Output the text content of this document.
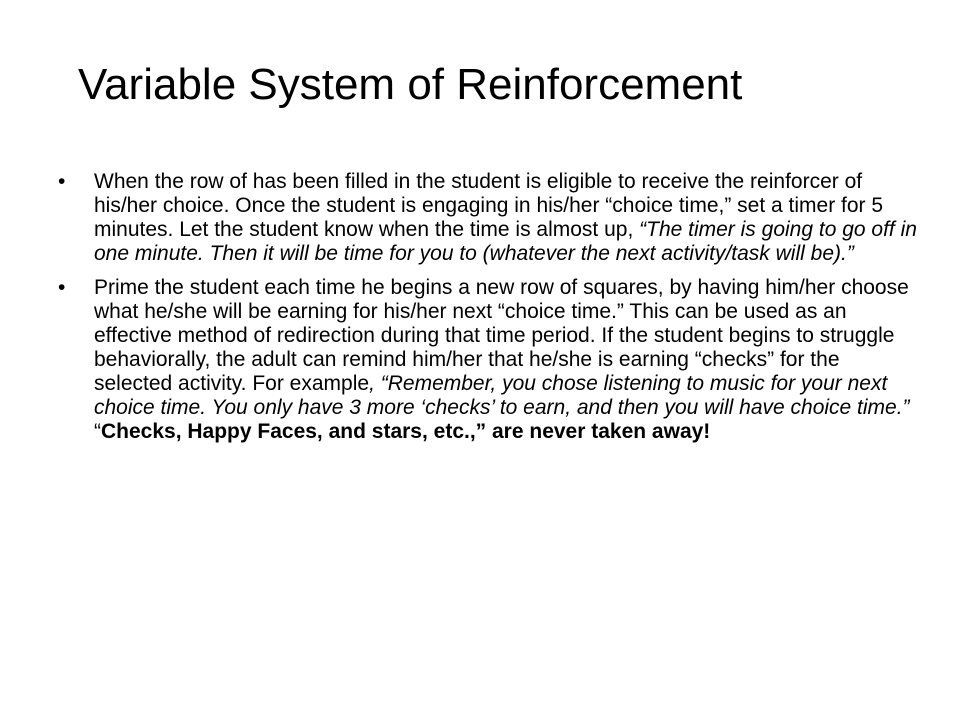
Variable System of Reinforcement
•	When the row of has been filled in the student is eligible to receive the reinforcer of his/her choice. Once the student is engaging in his/her “choice time,” set a timer for 5 minutes. Let the student know when the time is almost up, “The timer is going to go off in one minute. Then it will be time for you to (whatever the next activity/task will be).”
•	Prime the student each time he begins a new row of squares, by having him/her choose what he/she will be earning for his/her next “choice time.” This can be used as an effective method of redirection during that time period. If the student begins to struggle behaviorally, the adult can remind him/her that he/she is earning “checks” for the selected activity. For example, “Remember, you chose listening to music for your next choice time. You only have 3 more ‘checks’ to earn, and then you will have choice time.” “Checks, Happy Faces, and stars, etc.,” are never taken away!
